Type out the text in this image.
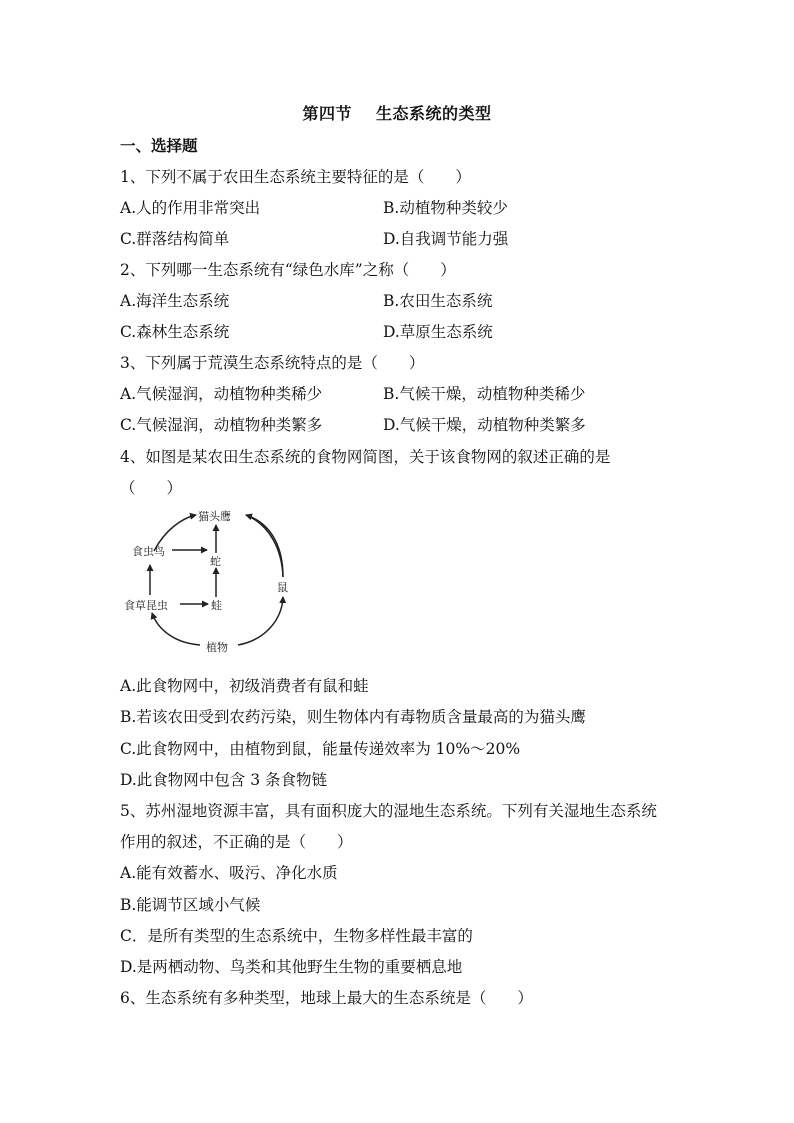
第四节 生态系统的类型
一、选择题
1、下列不属于农田生态系统主要特征的是（　　）
A.人的作用非常突出	B.动植物种类较少
C.群落结构简单	D.自我调节能力强
2、下列哪一生态系统有“绿色水库”之称（　　）
A.海洋生态系统	B.农田生态系统
C.森林生态系统	D.草原生态系统
3、下列属于荒漠生态系统特点的是（　　）
A.气候湿润，动植物种类稀少	B.气候干燥，动植物种类稀少
C.气候湿润，动植物种类繁多	D.气候干燥，动植物种类繁多
4、如图是某农田生态系统的食物网简图，关于该食物网的叙述正确的是
（　　）
猫头鹰
蛇
食虫鸟
食草昆虫	蛙
鼠
植物
A.此食物网中，初级消费者有鼠和蛙
B.若该农田受到农药污染，则生物体内有毒物质含量最高的为猫头鹰
C.此食物网中，由植物到鼠，能量传递效率为 10%～20%
D.此食物网中包含 3 条食物链
5、苏州湿地资源丰富，具有面积庞大的湿地生态系统。下列有关湿地生态系统
作用的叙述，不正确的是（　　）
A.能有效蓄水、吸污、净化水质
B.能调节区域小气候
C．是所有类型的生态系统中，生物多样性最丰富的
D.是两栖动物、鸟类和其他野生生物的重要栖息地
6、生态系统有多种类型，地球上最大的生态系统是（　　）
